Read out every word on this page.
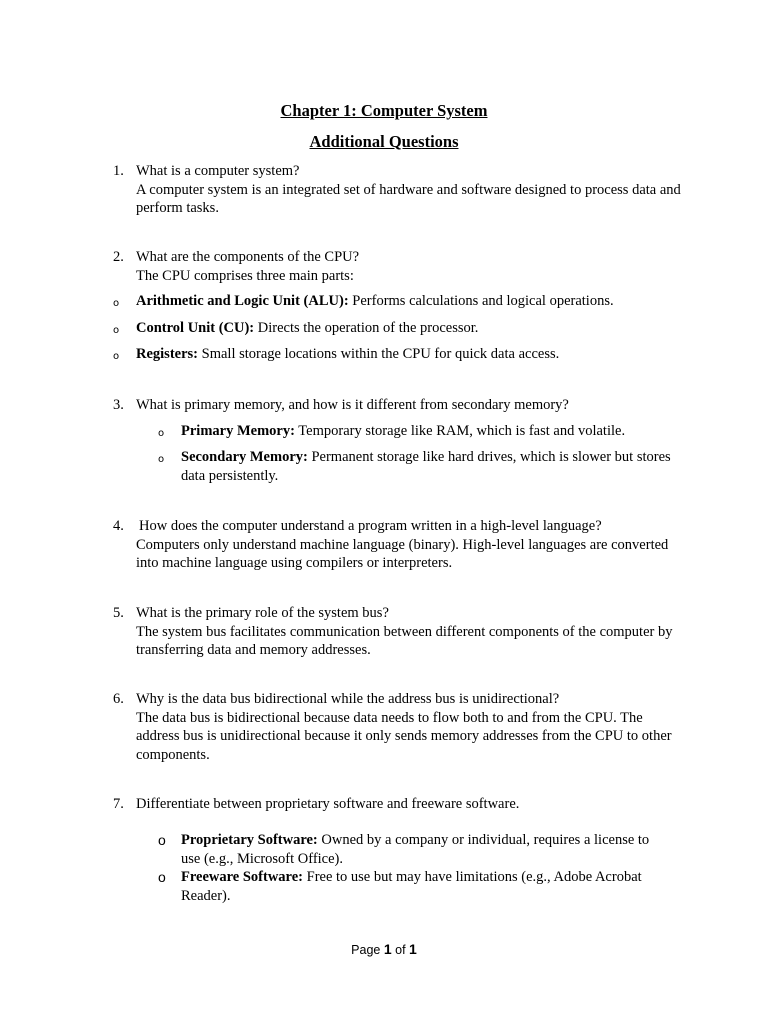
Chapter 1: Computer System
Additional Questions
1. What is a computer system?
A computer system is an integrated set of hardware and software designed to process data and perform tasks.
2. What are the components of the CPU?
The CPU comprises three main parts:
o Arithmetic and Logic Unit (ALU): Performs calculations and logical operations.
o Control Unit (CU): Directs the operation of the processor.
o Registers: Small storage locations within the CPU for quick data access.
3. What is primary memory, and how is it different from secondary memory?
o Primary Memory: Temporary storage like RAM, which is fast and volatile.
o Secondary Memory: Permanent storage like hard drives, which is slower but stores data persistently.
4.	How does the computer understand a program written in a high-level language?
Computers only understand machine language (binary). High-level languages are converted into machine language using compilers or interpreters.
5. What is the primary role of the system bus?
The system bus facilitates communication between different components of the computer by transferring data and memory addresses.
6. Why is the data bus bidirectional while the address bus is unidirectional?
The data bus is bidirectional because data needs to flow both to and from the CPU. The address bus is unidirectional because it only sends memory addresses from the CPU to other components.
7. Differentiate between proprietary software and freeware software.
o Proprietary Software: Owned by a company or individual, requires a license to use (e.g., Microsoft Office).
o Freeware Software: Free to use but may have limitations (e.g., Adobe Acrobat Reader).
Page 1 of 1
